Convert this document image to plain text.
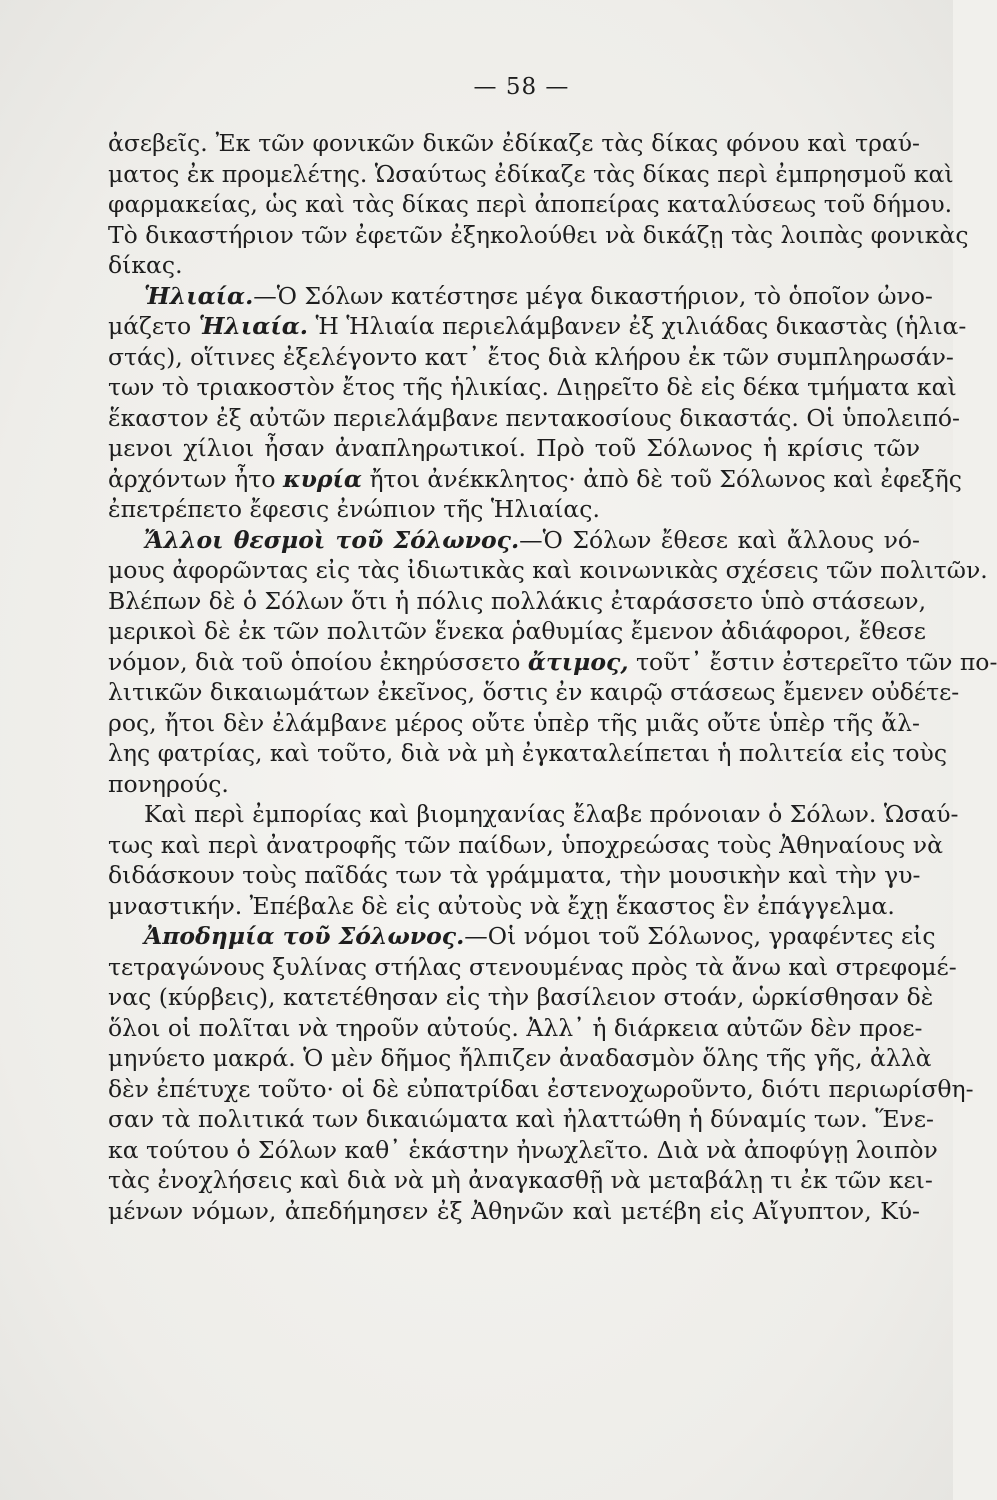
— 58 —
ἀσεβεῖς. Ἐκ τῶν φονικῶν δικῶν ἐδίκαζε τὰς δίκας φόνου καὶ τραύ-
ματος ἐκ προμελέτης. Ὡσαύτως ἐδίκαζε τὰς δίκας περὶ ἐμπρησμοῦ καὶ
φαρμακείας, ὡς καὶ τὰς δίκας περὶ ἀποπείρας καταλύσεως τοῦ δήμου.
Τὸ δικαστήριον τῶν ἐφετῶν ἐξηκολούθει νὰ δικάζῃ τὰς λοιπὰς φονικὰς
δίκας.
Ἡλιαία.—Ὁ Σόλων κατέστησε μέγα δικαστήριον, τὸ ὁποῖον ὠνο-
μάζετο Ἡλιαία. Ἡ Ἡλιαία περιελάμβανεν ἐξ χιλιάδας δικαστὰς (ἡλια-
στάς), οἵτινες ἐξελέγοντο κατ᾽ ἔτος διὰ κλήρου ἐκ τῶν συμπληρωσάν-
των τὸ τριακοστὸν ἔτος τῆς ἡλικίας. Διῃρεῖτο δὲ εἰς δέκα τμήματα καὶ
ἕκαστον ἐξ αὐτῶν περιελάμβανε πεντακοσίους δικαστάς. Οἱ ὑπολειπό-
μενοι χίλιοι ἦσαν ἀναπληρωτικοί. Πρὸ τοῦ Σόλωνος ἡ κρίσις τῶν
ἀρχόντων ἦτο κυρία ἤτοι ἀνέκκλητος· ἀπὸ δὲ τοῦ Σόλωνος καὶ ἐφεξῆς
ἐπετρέπετο ἔφεσις ἐνώπιον τῆς Ἡλιαίας.
Ἄλλοι θεσμοὶ τοῦ Σόλωνος.—Ὁ Σόλων ἔθεσε καὶ ἄλλους νό-
μους ἀφορῶντας εἰς τὰς ἰδιωτικὰς καὶ κοινωνικὰς σχέσεις τῶν πολιτῶν.
Βλέπων δὲ ὁ Σόλων ὅτι ἡ πόλις πολλάκις ἐταράσσετο ὑπὸ στάσεων,
μερικοὶ δὲ ἐκ τῶν πολιτῶν ἕνεκα ῥαθυμίας ἔμενον ἀδιάφοροι, ἔθεσε
νόμον, διὰ τοῦ ὁποίου ἐκηρύσσετο ἄτιμος, τοῦτ᾽ ἔστιν ἐστερεῖτο τῶν πο-
λιτικῶν δικαιωμάτων ἐκεῖνος, ὅστις ἐν καιρῷ στάσεως ἔμενεν οὐδέτε-
ρος, ἤτοι δὲν ἐλάμβανε μέρος οὔτε ὑπὲρ τῆς μιᾶς οὔτε ὑπὲρ τῆς ἄλ-
λης φατρίας, καὶ τοῦτο, διὰ νὰ μὴ ἐγκαταλείπεται ἡ πολιτεία εἰς τοὺς
πονηρούς.
Καὶ περὶ ἐμπορίας καὶ βιομηχανίας ἔλαβε πρόνοιαν ὁ Σόλων. Ὡσαύ-
τως καὶ περὶ ἀνατροφῆς τῶν παίδων, ὑποχρεώσας τοὺς Ἀθηναίους νὰ
διδάσκουν τοὺς παῖδάς των τὰ γράμματα, τὴν μουσικὴν καὶ τὴν γυ-
μναστικήν. Ἐπέβαλε δὲ εἰς αὐτοὺς νὰ ἔχῃ ἕκαστος ἓν ἐπάγγελμα.
Ἀποδημία τοῦ Σόλωνος.—Οἱ νόμοι τοῦ Σόλωνος, γραφέντες εἰς
τετραγώνους ξυλίνας στήλας στενουμένας πρὸς τὰ ἄνω καὶ στρεφομέ-
νας (κύρβεις), κατετέθησαν εἰς τὴν βασίλειον στοάν, ὡρκίσθησαν δὲ
ὅλοι οἱ πολῖται νὰ τηροῦν αὐτούς. Ἀλλ᾽ ἡ διάρκεια αὐτῶν δὲν προε-
μηνύετο μακρά. Ὁ μὲν δῆμος ἤλπιζεν ἀναδασμὸν ὅλης τῆς γῆς, ἀλλὰ
δὲν ἐπέτυχε τοῦτο· οἱ δὲ εὐπατρίδαι ἐστενοχωροῦντο, διότι περιωρίσθη-
σαν τὰ πολιτικά των δικαιώματα καὶ ἠλαττώθη ἡ δύναμίς των. Ἕνε-
κα τούτου ὁ Σόλων καθ᾽ ἑκάστην ἠνωχλεῖτο. Διὰ νὰ ἀποφύγῃ λοιπὸν
τὰς ἐνοχλήσεις καὶ διὰ νὰ μὴ ἀναγκασθῇ νὰ μεταβάλῃ τι ἐκ τῶν κει-
μένων νόμων, ἀπεδήμησεν ἐξ Ἀθηνῶν καὶ μετέβη εἰς Αἴγυπτον, Κύ-
